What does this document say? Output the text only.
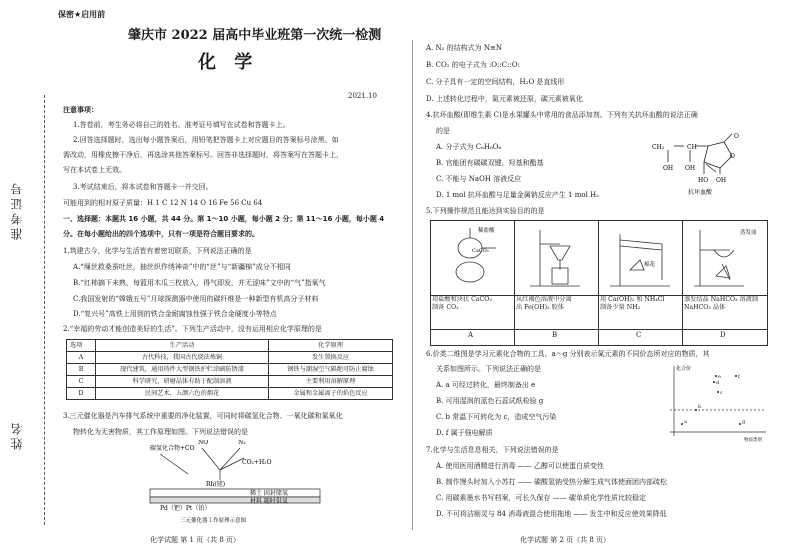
准考证号
姓名
保密★启用前
肇庆市 2022 届高中毕业班第一次统一检测
化 学
2021.10
注意事项：
1.答卷前，考生务必将自己的姓名、准考证号填写在试卷和答题卡上。
2.回答选择题时，选出每小题答案后，用铅笔把答题卡上对应题目的答案标号涂黑。如
需改动，用橡皮擦干净后，再选涂其他答案标号。回答非选择题时，将答案写在答题卡上，
写在本试卷上无效。
3.考试结束后，将本试卷和答题卡一并交回。
可能用到的相对原子质量：H 1 C 12 N 14 O 16 Fe 56 Cu 64
一、选择题：本题共 16 小题，共 44 分。第 1～10 小题，每小题 2 分；第 11～16 小题，每小题 4
分。在每小题给出的四个选项中，只有一项是符合题目要求的。
1.筑建古今，化学与生活皆有着密切联系。下列说法正确的是
A.“缫丝救桑蚕吐丝，抽丝织作绣神奇”中的“丝”与“新疆棉”成分不相同
B.“红柿摘下未熟，每篮用木瓜三枚放入，得气即发，并无涩味”文中的“气”指氧气
C.我国发射的“嫦娥五号”月球探测器中使用的碳纤维是一种新型有机高分子材料
D.“复兴号”高铁上用到的铁合金耐腐蚀性强于铁合金硬度小等特点
2.“幸福的劳动才能创造美好的生活”。下列生产活动中，没有运用相应化学原理的是
选项	生产活动	化学原理
A	古代科技，我国古代烧法炼铜	发生置换反应
B	现代建筑，通用铸件大型钢铁护栏涂刷防锈漆	钢铁与潮湿空气隔绝可防止腐蚀
C	科学研究，研磨晶体有助于配制溶液	主要利用溶解原理
D	民间艺术，五颜六色的烟花	金属和金属离子的焰色反应
3.三元催化器是汽车排气系统中重要的净化装置，可同时将碳氢化合物、一氧化碳和氮氧化
物转化为无害物质，其工作原理如图。下列说法错误的是
碳氢化合物+CO
NO	N₂
CO₂+H₂O
Rh(铑)
Pd（钯）Pt（铂）
稀土 固封储氧
材料 随时供氧
三元催化器工作原理示意图
化学试题 第 1 页（共 8 页）
A. N₂ 的结构式为 N≡N
B. CO₂ 的电子式为 :O::C::O:
C. 分子具有一定的空间结构，H₂O 是直线形
D. 上述转化过程中，氮元素被还原，碳元素被氧化
4.抗坏血酸(即维生素 C)是水果罐头中常用的食品添加剂。下列有关抗坏血酸的说法正确
的是
A. 分子式为 C₆H₈O₆
B. 官能团有碳碳双键，羟基和酯基
C. 不能与 NaOH 溶液反应
D. 1 mol 抗坏血酸与足量金属钠反应产生 1 mol H₂
CH₂	CH
OH OH
O
O
HO OH
抗坏血酸
5.下列操作规范且能达到实验目的的是
稀盐酸
CaCO₃
棉花
蒸发皿
用盐酸和块状 CaCO₃
制备 CO₂
从红褐色溶液中分离
出 Fe(OH)₃ 胶体
用 Ca(OH)₂ 和 NH₄Cl
制备少量 NH₃
蒸发结晶 NaHCO₃ 溶液制
NaHCO₃ 晶体
A	B	C	D
6.价类二维图是学习元素化合物的工具，a～g 分别表示氮元素的不同价态所对应的物质，其
关系如图所示。下列说法正确的是
A. a 可经过转化，最终制备出 e
B. 可用湿润的蓝色石蕊试纸检验 g
C. b 常温下可转化为 c，造成空气污染
D. f 属于强电解质
化合价
物质类别
e
d
c
b
a
f
g
7.化学与生活息息相关，下列说法错误的是
A. 使用医用酒精进行消毒 —— 乙醇可以使蛋白质变性
B. 制作馒头时加入小苏打 —— 碳酸氢钠受热分解生成气体使面团内部疏松
C. 用碳素墨水书写档案，可长久保存 —— 碳单质化学性质比较稳定
D. 不可将洁厕灵与 84 消毒液混合使用拖地 —— 发生中和反应使效果降低
化学试题 第 2 页（共 8 页）
